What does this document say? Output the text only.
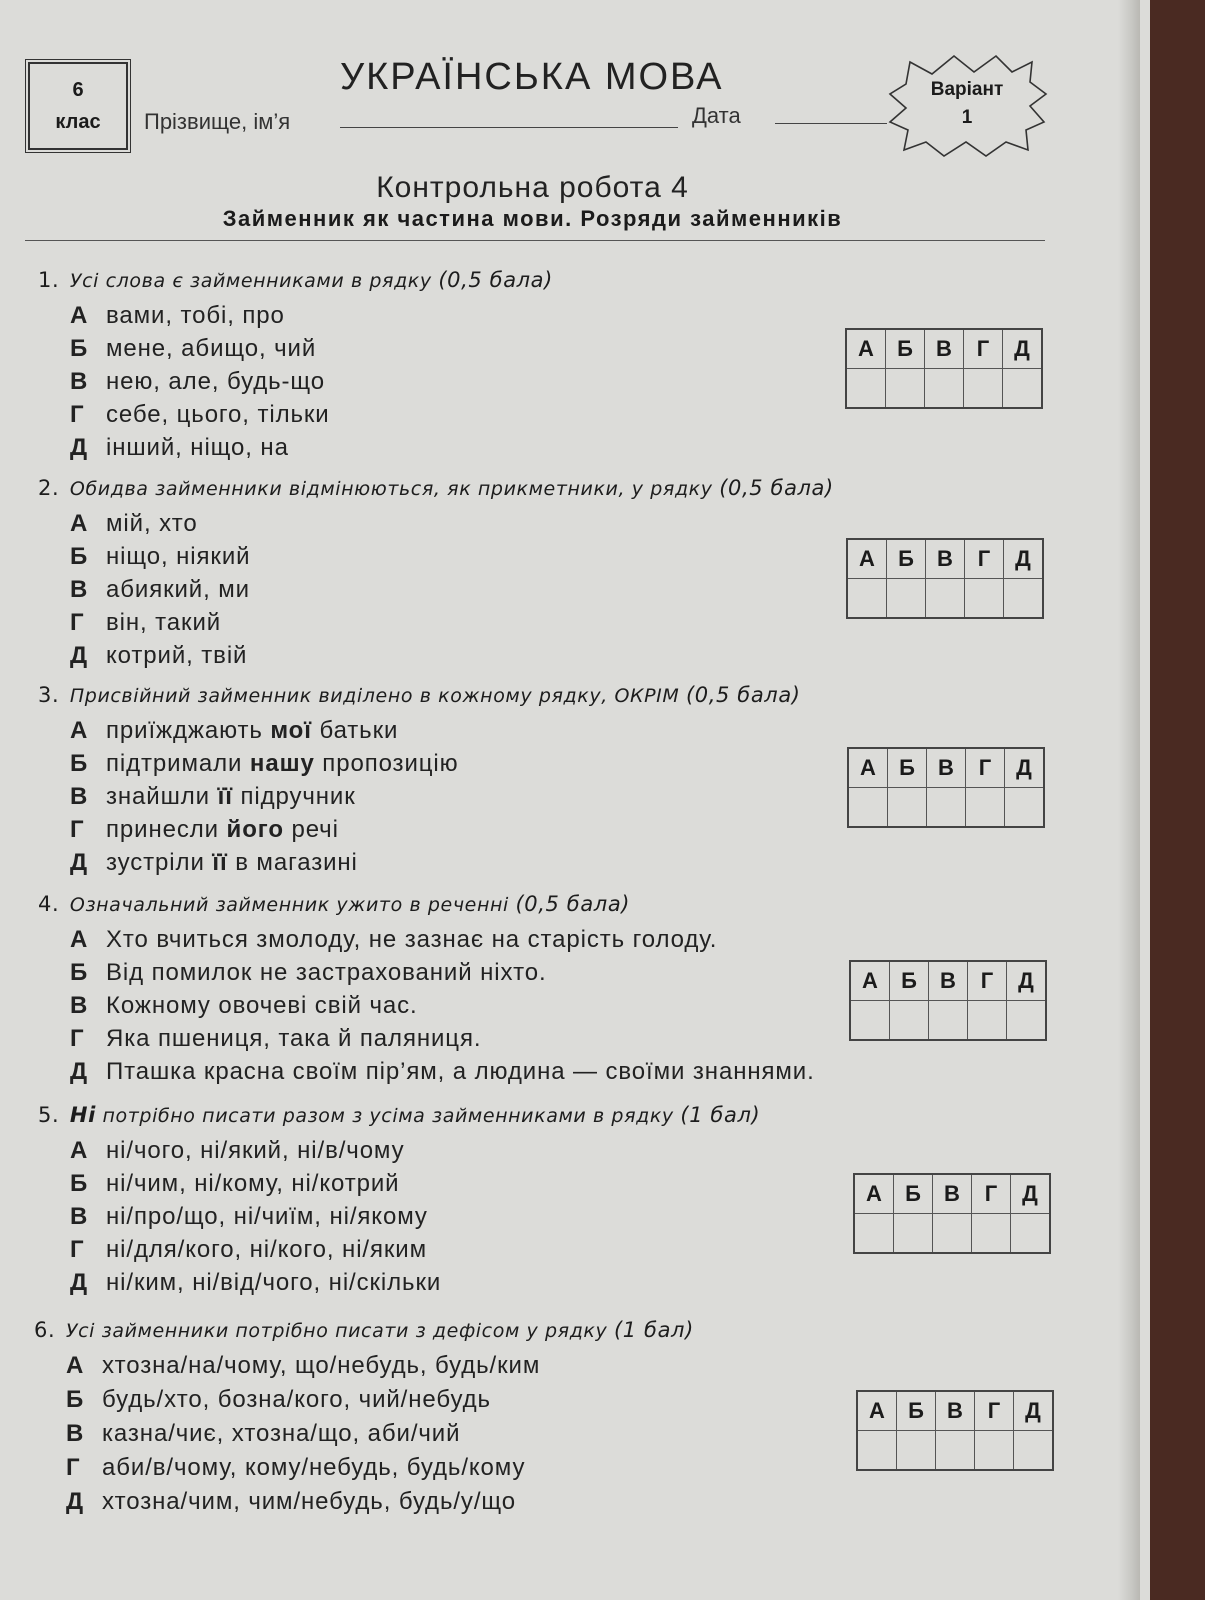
6
клас
УКРАЇНСЬКА МОВА
Прізвище, ім’я	Дата
Варіант
1
Контрольна робота 4
Займенник як частина мови. Розряди займенників
1. Усі слова є займенниками в рядку (0,5 бала)
А вами, тобі, про
Б мене, абищо, чий
В нею, але, будь-що
Г себе, цього, тільки
Д інший, ніщо, на
А	Б	В	Г	Д

2. Обидва займенники відмінюються, як прикметники, у рядку (0,5 бала)
А мій, хто
Б ніщо, ніякий
В абиякий, ми
Г він, такий
Д котрий, твій
А	Б	В	Г	Д

3. Присвійний займенник виділено в кожному рядку, ОКРІМ (0,5 бала)
А приїжджають мої батьки
Б підтримали нашу пропозицію
В знайшли її підручник
Г принесли його речі
Д зустріли її в магазині
А	Б	В	Г	Д

4. Означальний займенник ужито в реченні (0,5 бала)
А Хто вчиться змолоду, не зазнає на старість голоду.
Б Від помилок не застрахований ніхто.
В Кожному овочеві свій час.
Г Яка пшениця, така й паляниця.
Д Пташка красна своїм пір’ям, а людина — своїми знаннями.
А	Б	В	Г	Д

5. Ні потрібно писати разом з усіма займенниками в рядку (1 бал)
А ні/чого, ні/який, ні/в/чому
Б ні/чим, ні/кому, ні/котрий
В ні/про/що, ні/чиїм, ні/якому
Г ні/для/кого, ні/кого, ні/яким
Д ні/ким, ні/від/чого, ні/скільки
А	Б	В	Г	Д

6. Усі займенники потрібно писати з дефісом у рядку (1 бал)
А хтозна/на/чому, що/небудь, будь/ким
Б будь/хто, бозна/кого, чий/небудь
В казна/чиє, хтозна/що, аби/чий
Г аби/в/чому, кому/небудь, будь/кому
Д хтозна/чим, чим/небудь, будь/у/що
А	Б	В	Г	Д
